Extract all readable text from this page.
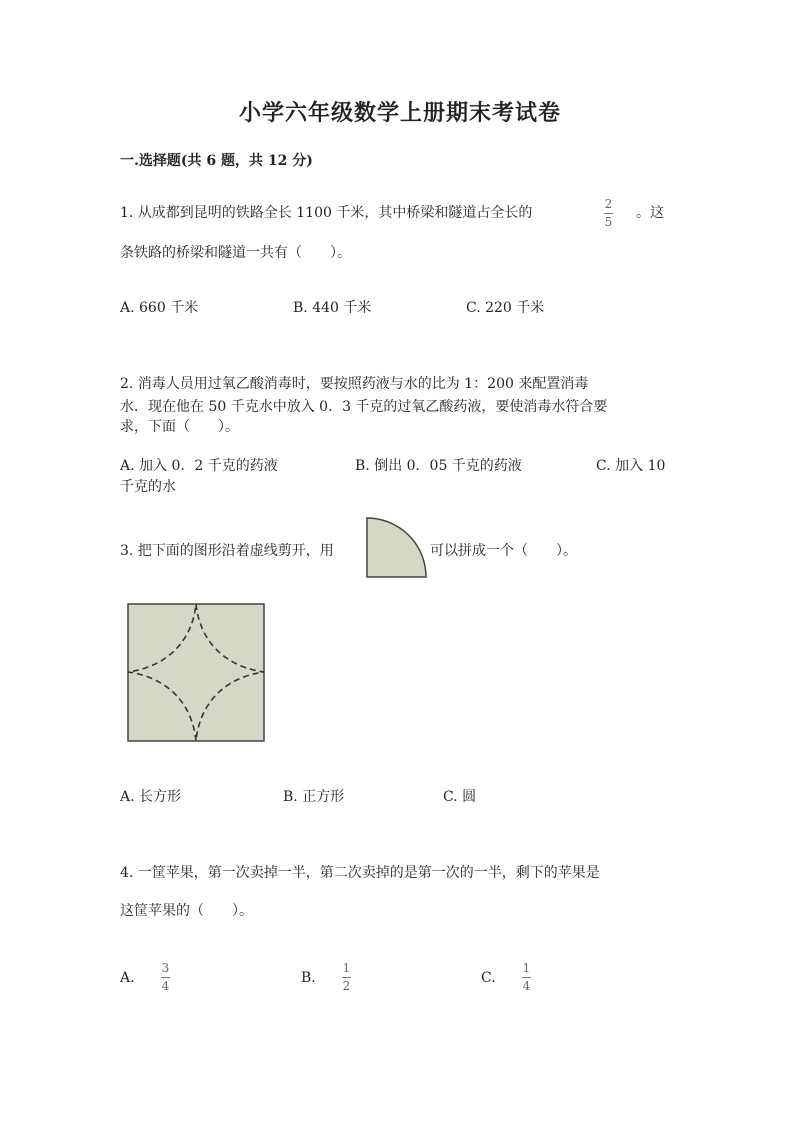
小学六年级数学上册期末考试卷
一.选择题(共 6 题，共 12 分)
1. 从成都到昆明的铁路全长 1100 千米，其中桥梁和隧道占全长的
2
5
。这
条铁路的桥梁和隧道一共有（　　）。
A. 660 千米	B. 440 千米	C. 220 千米
2. 消毒人员用过氧乙酸消毒时，要按照药液与水的比为 1：200 来配置消毒
水．现在他在 50 千克水中放入 0．3 千克的过氧乙酸药液，要使消毒水符合要
求，下面（　　）。
A. 加入 0．2 千克的药液	B. 倒出 0．05 千克的药液	C. 加入 10
千克的水
3. 把下面的图形沿着虚线剪开，用	可以拼成一个（　　）。
A. 长方形	B. 正方形	C. 圆
4. 一筐苹果，第一次卖掉一半，第二次卖掉的是第一次的一半，剩下的苹果是
这筐苹果的（　　）。
A.
3
4	B.
1
2	C.
1
4
